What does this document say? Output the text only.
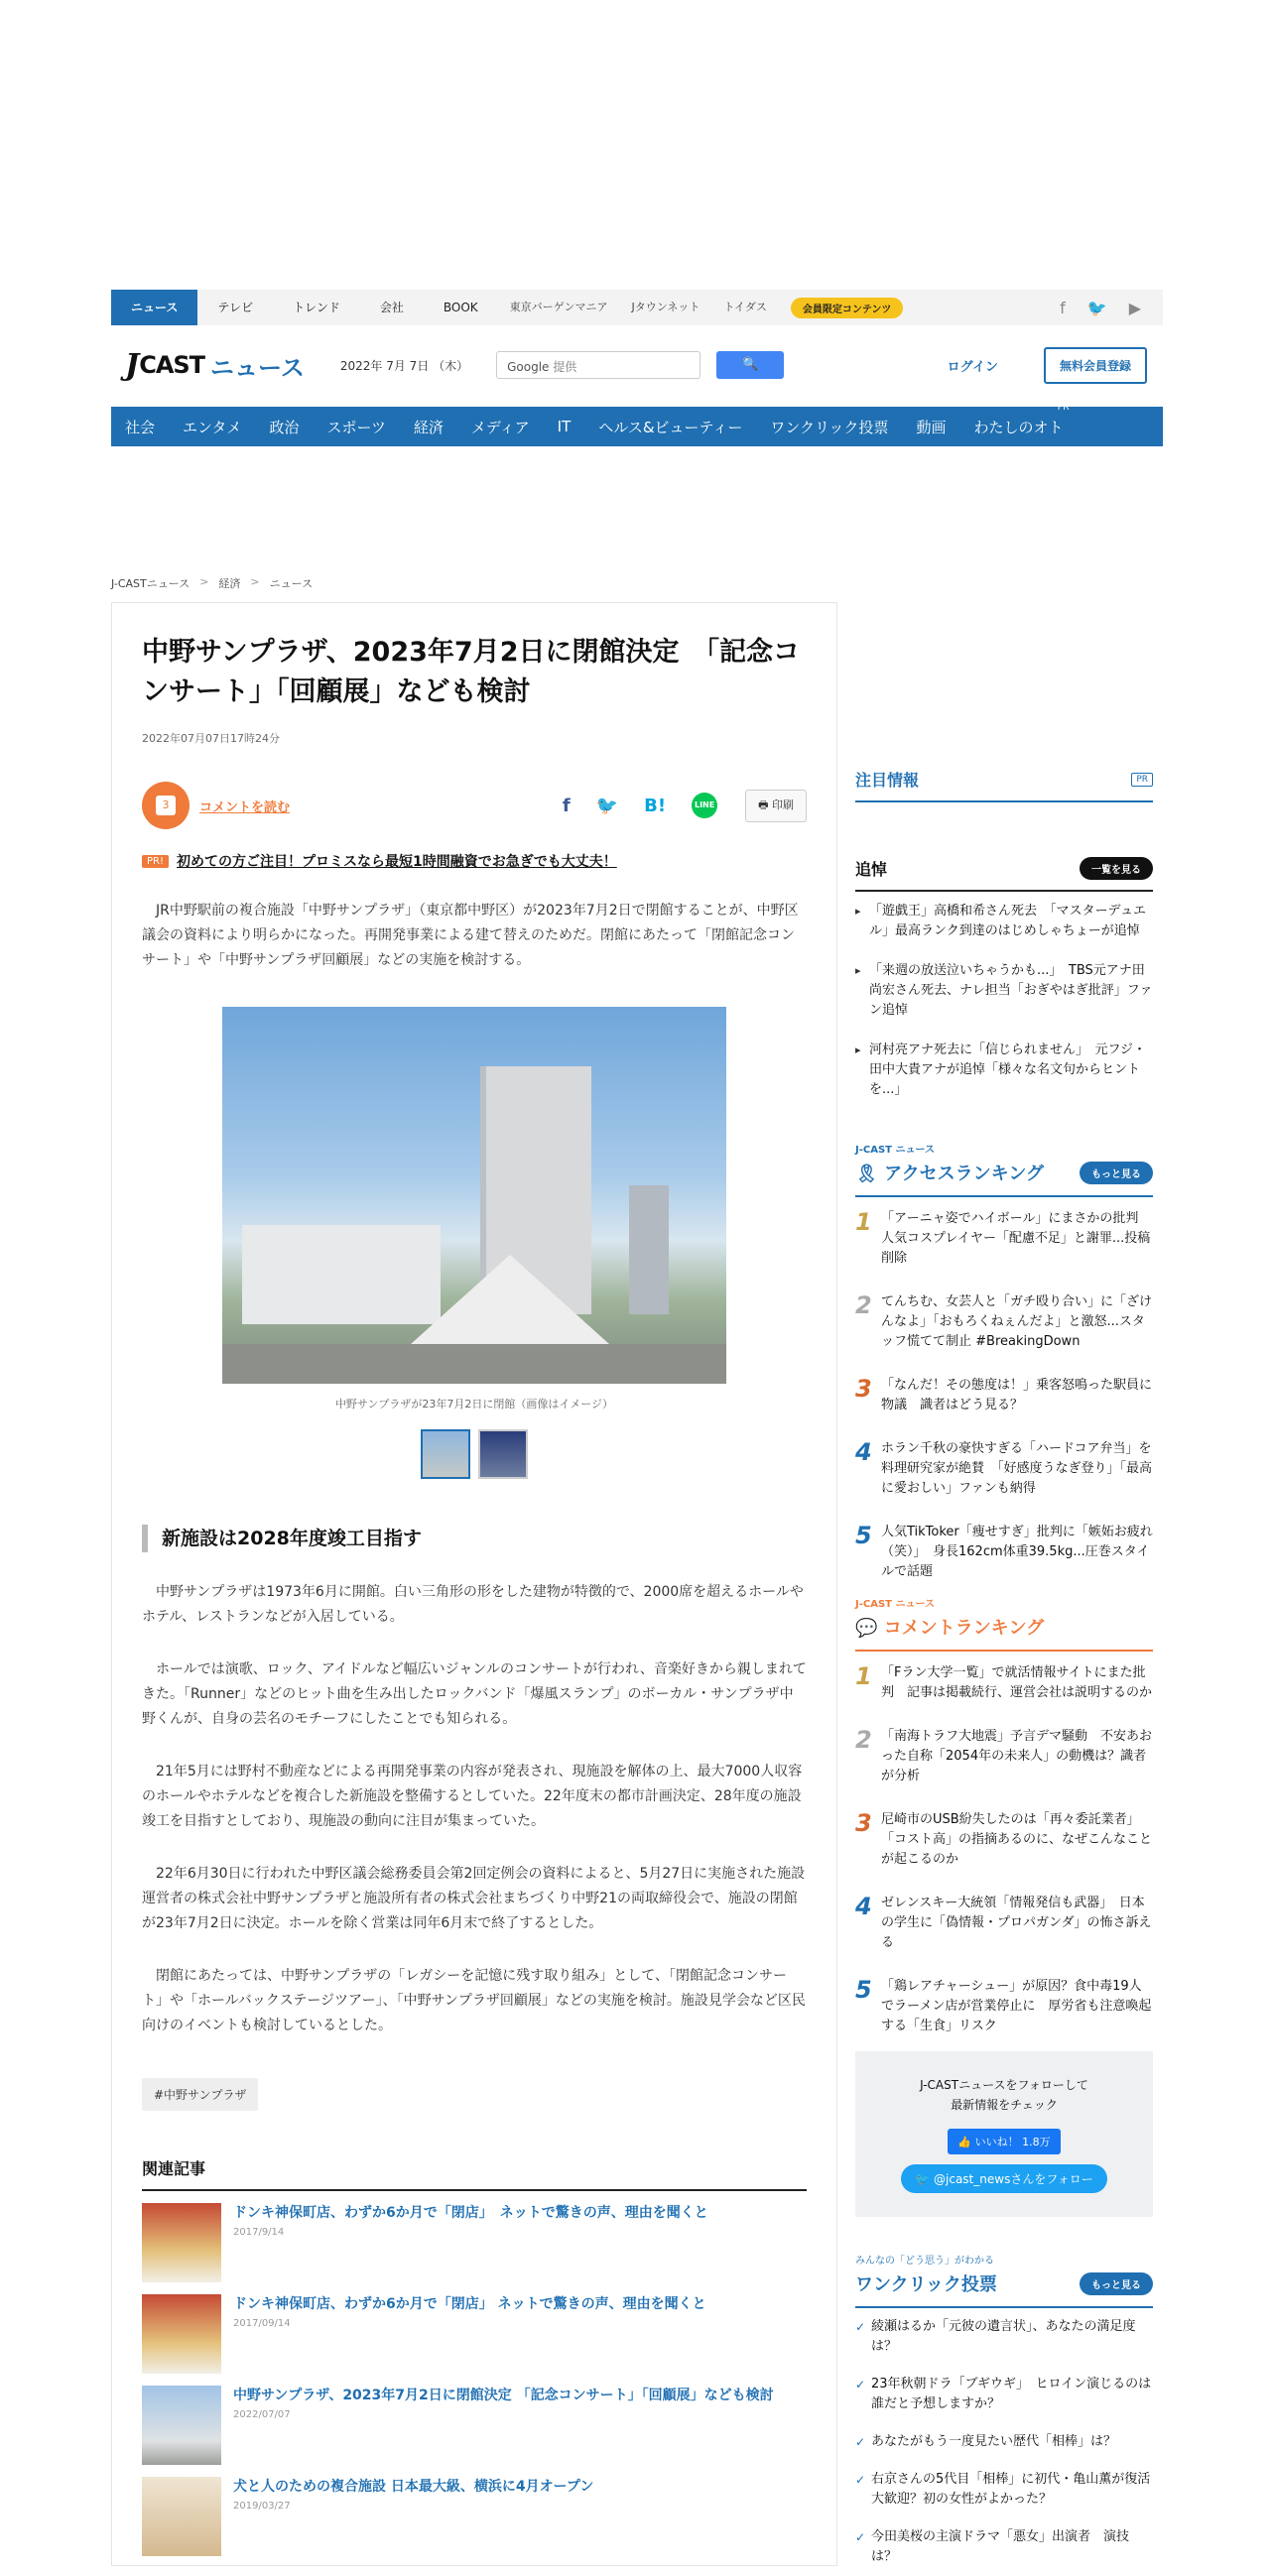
ニュース	テレビ	トレンド	会社	BOOK	東京バーゲンマニア	Jタウンネット	トイダス	会員限定コンテンツ	f 🐦 ▶
J CAST ニュース	2022年 7月 7日 （木）	Google 提供	🔍	ログイン	無料会員登録
社会 エンタメ 政治 スポーツ 経済 メディア IT ヘルス&ビューティー ワンクリック投票 動画 わたしのオト
PR
J-CASTニュース > 経済 > ニュース
中野サンプラザ、2023年7月2日に閉館決定　「記念コンサート」「回顧展」なども検討
2022年07月07日17時24分
3	コメントを読む	f 🐦 B!	LINE	🖶 印刷
PR! 初めての方ご注目！プロミスなら最短1時間融資でお急ぎでも大丈夫！

JR中野駅前の複合施設「中野サンプラザ」（東京都中野区）が2023年7月2日で閉館することが、中野区議会の資料により明らかになった。再開発事業による建て替えのためだ。閉館にあたって「閉館記念コンサート」や「中野サンプラザ回顧展」などの実施を検討する。

中野サンプラザが23年7月2日に閉館（画像はイメージ）
新施設は2028年度竣工目指す

中野サンプラザは1973年6月に開館。白い三角形の形をした建物が特徴的で、2000席を超えるホールやホテル、レストランなどが入居している。

ホールでは演歌、ロック、アイドルなど幅広いジャンルのコンサートが行われ、音楽好きから親しまれてきた。「Runner」などのヒット曲を生み出したロックバンド「爆風スランプ」のボーカル・サンプラザ中野くんが、自身の芸名のモチーフにしたことでも知られる。

21年5月には野村不動産などによる再開発事業の内容が発表され、現施設を解体の上、最大7000人収容のホールやホテルなどを複合した新施設を整備するとしていた。22年度末の都市計画決定、28年度の施設竣工を目指すとしており、現施設の動向に注目が集まっていた。

22年6月30日に行われた中野区議会総務委員会第2回定例会の資料によると、5月27日に実施された施設運営者の株式会社中野サンプラザと施設所有者の株式会社まちづくり中野21の両取締役会で、施設の閉館が23年7月2日に決定。ホールを除く営業は同年6月末で終了するとした。

閉館にあたっては、中野サンプラザの「レガシーを記憶に残す取り組み」として、「閉館記念コンサート」や「ホールバックステージツアー」、「中野サンプラザ回顧展」などの実施を検討。施設見学会など区民向けのイベントも検討しているとした。

#中野サンプラザ
関連記事
ドンキ神保町店、わずか6か月で「閉店」　ネットで驚きの声、理由を聞くと
2017/9/14
ドンキ神保町店、わずか6か月で「閉店」 ネットで驚きの声、理由を聞くと
2017/09/14
中野サンプラザ、2023年7月2日に閉館決定 「記念コンサート」「回顧展」なども検討
2022/07/07
犬と人のための複合施設 日本最大級、横浜に4月オープン
2019/03/27
注目情報	PR
追悼	一覧を見る
▸ 「遊戯王」高橋和希さん死去　「マスターデュエル」最高ランク到達のはじめしゃちょーが追悼
▸ 「来週の放送泣いちゃうかも...」　TBS元アナ田尚宏さん死去、ナレ担当「おぎやはぎ批評」ファン追悼
▸ 河村亮アナ死去に「信じられません」　元フジ・田中大貴アナが追悼「様々な名文句からヒントを...」
J-CAST ニュース
🎗 アクセスランキング	もっと見る
1 「アーニャ姿でハイボール」にまさかの批判　人気コスプレイヤー「配慮不足」と謝罪...投稿削除
2 てんちむ、女芸人と「ガチ殴り合い」に「ざけんなよ」「おもろくねぇんだよ」と激怒...スタッフ慌てて制止 #BreakingDown
3 「なんだ！その態度は！」乗客怒鳴った駅員に物議　識者はどう見る？
4 ホラン千秋の豪快すぎる「ハードコア弁当」を料理研究家が絶賛　「好感度うなぎ登り」「最高に愛おしい」ファンも納得
5 人気TikToker「痩せすぎ」批判に「嫉妬お疲れ（笑）」　身長162cm体重39.5kg...圧巻スタイルで話題
J-CAST ニュース
💬 コメントランキング
1 「Fラン大学一覧」で就活情報サイトにまた批判　記事は掲載続行、運営会社は説明するのか
2 「南海トラフ大地震」予言デマ騒動　不安あおった自称「2054年の未来人」の動機は？識者が分析
3 尼崎市のUSB紛失したのは「再々委託業者」　「コスト高」の指摘あるのに、なぜこんなことが起こるのか
4 ゼレンスキー大統領「情報発信も武器」　日本の学生に「偽情報・プロパガンダ」の怖さ訴える
5 「鶏レアチャーシュー」が原因？食中毒19人でラーメン店が営業停止に　厚労省も注意喚起する「生食」リスク
J-CASTニュースをフォローして
最新情報をチェック
👍 いいね！ 1.8万
🐦 @jcast_newsさんをフォロー
みんなの「どう思う」がわかる
ワンクリック投票	もっと見る
✓ 綾瀬はるか「元彼の遺言状」、あなたの満足度は？
✓ 23年秋朝ドラ「ブギウギ」　ヒロイン演じるのは誰だと予想しますか？
✓ あなたがもう一度見たい歴代「相棒」は？
✓ 右京さんの5代目「相棒」に初代・亀山薫が復活　大歓迎？初の女性がよかった？
✓ 今田美桜の主演ドラマ「悪女」出演者　演技は？
